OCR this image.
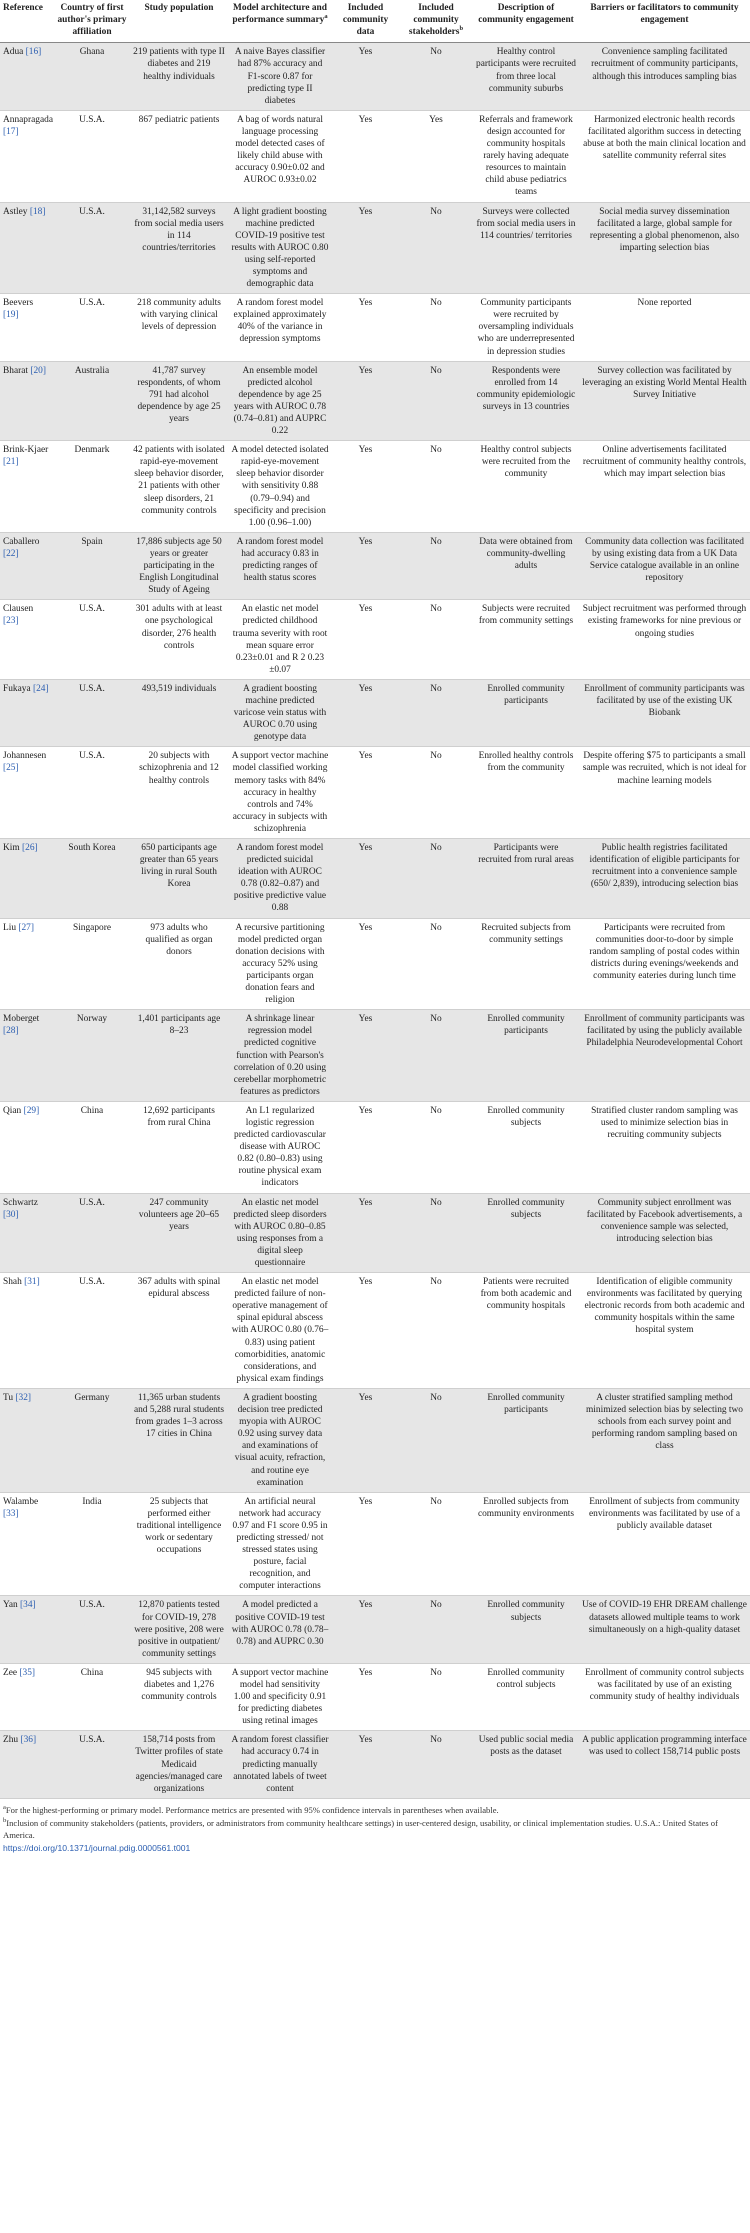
Reference	Country of first author's primary affiliation	Study population	Model architecture and performance summary$^a$	Included community data	Included community stakeholders$^b$	Description of community engagement	Barriers or facilitators to community engagement
Adua [16]	Ghana	219 patients with type II diabetes and 219 healthy individuals	A naive Bayes classifier had 87% accuracy and F1-score 0.87 for predicting type II diabetes	Yes	No	Healthy control participants were recruited from three local community suburbs	Convenience sampling facilitated recruitment of community participants, although this introduces sampling bias
Annapragada [17]	U.S.A.	867 pediatric patients	A bag of words natural language processing model detected cases of likely child abuse with accuracy 0.90±0.02 and AUROC 0.93±0.02	Yes	Yes	Referrals and framework design accounted for community hospitals rarely having adequate resources to maintain child abuse pediatrics teams	Harmonized electronic health records facilitated algorithm success in detecting abuse at both the main clinical location and satellite community referral sites
Astley [18]	U.S.A.	31,142,582 surveys from social media users in 114 countries/territories	A light gradient boosting machine predicted COVID-19 positive test results with AUROC 0.80 using self-reported symptoms and demographic data	Yes	No	Surveys were collected from social media users in 114 countries/ territories	Social media survey dissemination facilitated a large, global sample for representing a global phenomenon, also imparting selection bias
Beevers [19]	U.S.A.	218 community adults with varying clinical levels of depression	A random forest model explained approximately 40% of the variance in depression symptoms	Yes	No	Community participants were recruited by oversampling individuals who are underrepresented in depression studies	None reported
Bharat [20]	Australia	41,787 survey respondents, of whom 791 had alcohol dependence by age 25 years	An ensemble model predicted alcohol dependence by age 25 years with AUROC 0.78 (0.74–0.81) and AUPRC 0.22	Yes	No	Respondents were enrolled from 14 community epidemiologic surveys in 13 countries	Survey collection was facilitated by leveraging an existing World Mental Health Survey Initiative
Brink-Kjaer [21]	Denmark	42 patients with isolated rapid-eye-movement sleep behavior disorder, 21 patients with other sleep disorders, 21 community controls	A model detected isolated rapid-eye-movement sleep behavior disorder with sensitivity 0.88 (0.79–0.94) and specificity and precision 1.00 (0.96–1.00)	Yes	No	Healthy control subjects were recruited from the community	Online advertisements facilitated recruitment of community healthy controls, which may impart selection bias
Caballero [22]	Spain	17,886 subjects age 50 years or greater participating in the English Longitudinal Study of Ageing	A random forest model had accuracy 0.83 in predicting ranges of health status scores	Yes	No	Data were obtained from community-dwelling adults	Community data collection was facilitated by using existing data from a UK Data Service catalogue available in an online repository
Clausen [23]	U.S.A.	301 adults with at least one psychological disorder, 276 health controls	An elastic net model predicted childhood trauma severity with root mean square error 0.23±0.01 and R 2 0.23 ±0.07	Yes	No	Subjects were recruited from community settings	Subject recruitment was performed through existing frameworks for nine previous or ongoing studies
Fukaya [24]	U.S.A.	493,519 individuals	A gradient boosting machine predicted varicose vein status with AUROC 0.70 using genotype data	Yes	No	Enrolled community participants	Enrollment of community participants was facilitated by use of the existing UK Biobank
Johannesen [25]	U.S.A.	20 subjects with schizophrenia and 12 healthy controls	A support vector machine model classified working memory tasks with 84% accuracy in healthy controls and 74% accuracy in subjects with schizophrenia	Yes	No	Enrolled healthy controls from the community	Despite offering $75 to participants a small sample was recruited, which is not ideal for machine learning models
Kim [26]	South Korea	650 participants age greater than 65 years living in rural South Korea	A random forest model predicted suicidal ideation with AUROC 0.78 (0.82–0.87) and positive predictive value 0.88	Yes	No	Participants were recruited from rural areas	Public health registries facilitated identification of eligible participants for recruitment into a convenience sample (650/ 2,839), introducing selection bias
Liu [27]	Singapore	973 adults who qualified as organ donors	A recursive partitioning model predicted organ donation decisions with accuracy 52% using participants organ donation fears and religion	Yes	No	Recruited subjects from community settings	Participants were recruited from communities door-to-door by simple random sampling of postal codes within districts during evenings/weekends and community eateries during lunch time
Moberget [28]	Norway	1,401 participants age 8–23	A shrinkage linear regression model predicted cognitive function with Pearson's correlation of 0.20 using cerebellar morphometric features as predictors	Yes	No	Enrolled community participants	Enrollment of community participants was facilitated by using the publicly available Philadelphia Neurodevelopmental Cohort
Qian [29]	China	12,692 participants from rural China	An L1 regularized logistic regression predicted cardiovascular disease with AUROC 0.82 (0.80–0.83) using routine physical exam indicators	Yes	No	Enrolled community subjects	Stratified cluster random sampling was used to minimize selection bias in recruiting community subjects
Schwartz [30]	U.S.A.	247 community volunteers age 20–65 years	An elastic net model predicted sleep disorders with AUROC 0.80–0.85 using responses from a digital sleep questionnaire	Yes	No	Enrolled community subjects	Community subject enrollment was facilitated by Facebook advertisements, a convenience sample was selected, introducing selection bias
Shah [31]	U.S.A.	367 adults with spinal epidural abscess	An elastic net model predicted failure of non-operative management of spinal epidural abscess with AUROC 0.80 (0.76–0.83) using patient comorbidities, anatomic considerations, and physical exam findings	Yes	No	Patients were recruited from both academic and community hospitals	Identification of eligible community environments was facilitated by querying electronic records from both academic and community hospitals within the same hospital system
Tu [32]	Germany	11,365 urban students and 5,288 rural students from grades 1–3 across 17 cities in China	A gradient boosting decision tree predicted myopia with AUROC 0.92 using survey data and examinations of visual acuity, refraction, and routine eye examination	Yes	No	Enrolled community participants	A cluster stratified sampling method minimized selection bias by selecting two schools from each survey point and performing random sampling based on class
Walambe [33]	India	25 subjects that performed either traditional intelligence work or sedentary occupations	An artificial neural network had accuracy 0.97 and F1 score 0.95 in predicting stressed/ not stressed states using posture, facial recognition, and computer interactions	Yes	No	Enrolled subjects from community environments	Enrollment of subjects from community environments was facilitated by use of a publicly available dataset
Yan [34]	U.S.A.	12,870 patients tested for COVID-19, 278 were positive, 208 were positive in outpatient/ community settings	A model predicted a positive COVID-19 test with AUROC 0.78 (0.78–0.78) and AUPRC 0.30	Yes	No	Enrolled community subjects	Use of COVID-19 EHR DREAM challenge datasets allowed multiple teams to work simultaneously on a high-quality dataset
Zee [35]	China	945 subjects with diabetes and 1,276 community controls	A support vector machine model had sensitivity 1.00 and specificity 0.91 for predicting diabetes using retinal images	Yes	No	Enrolled community control subjects	Enrollment of community control subjects was facilitated by use of an existing community study of healthy individuals
Zhu [36]	U.S.A.	158,714 posts from Twitter profiles of state Medicaid agencies/managed care organizations	A random forest classifier had accuracy 0.74 in predicting manually annotated labels of tweet content	Yes	No	Used public social media posts as the dataset	A public application programming interface was used to collect 158,714 public posts

$^a$For the highest-performing or primary model. Performance metrics are presented with 95% confidence intervals in parentheses when available.

$^b$Inclusion of community stakeholders (patients, providers, or administrators from community healthcare settings) in user-centered design, usability, or clinical implementation studies. U.S.A.: United States of America.

https://doi.org/10.1371/journal.pdig.0000561.t001
